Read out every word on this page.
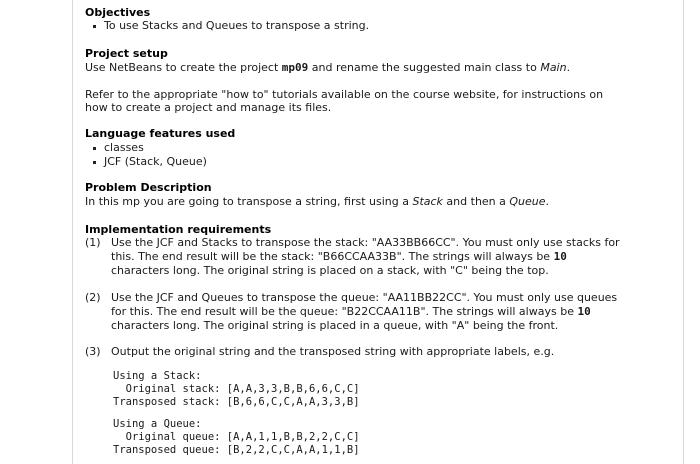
Objectives
To use Stacks and Queues to transpose a string.
Project setup
Use NetBeans to create the project mp09 and rename the suggested main class to Main.
Refer to the appropriate "how to" tutorials available on the course website, for instructions on
how to create a project and manage its files.
Language features used
classes
JCF (Stack, Queue)
Problem Description
In this mp you are going to transpose a string, first using a Stack and then a Queue.
Implementation requirements
(1) Use the JCF and Stacks to transpose the stack: "AA33BB66CC". You must only use stacks for
this. The end result will be the stack: "B66CCAA33B". The strings will always be 10
characters long. The original string is placed on a stack, with "C" being the top.
(2) Use the JCF and Queues to transpose the queue: "AA11BB22CC". You must only use queues
for this. The end result will be the queue: "B22CCAA11B". The strings will always be 10
characters long. The original string is placed in a queue, with "A" being the front.
(3) Output the original string and the transposed string with appropriate labels, e.g.
Using a Stack:
Original stack: [A,A,3,3,B,B,6,6,C,C]
Transposed stack: [B,6,6,C,C,A,A,3,3,B]
Using a Queue:
Original queue: [A,A,1,1,B,B,2,2,C,C]
Transposed queue: [B,2,2,C,C,A,A,1,1,B]
